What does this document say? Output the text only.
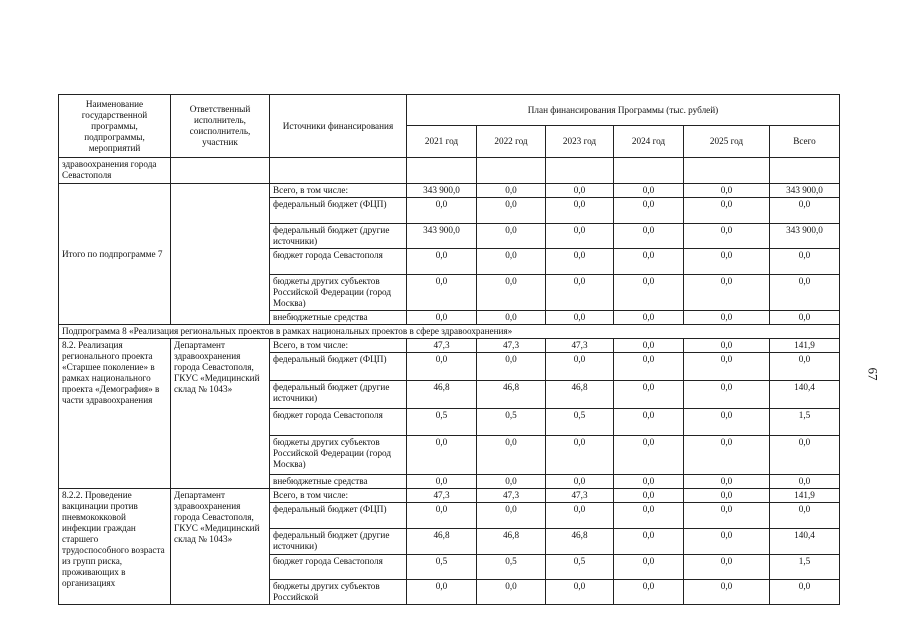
Наименование государственной программы, подпрограммы, мероприятий	Ответственный исполнитель, соисполнитель, участник	Источники финансирования	План финансирования Программы (тыс. рублей)					
			2021 год	2022 год	2023 год	2024 год	2025 год	Всего
здравоохранения города Севастополя								
Итого по подпрограмме 7		Всего, в том числе:	343 900,0	0,0	0,0	0,0	0,0	343 900,0
		федеральный бюджет (ФЦП)	0,0	0,0	0,0	0,0	0,0	0,0
		федеральный бюджет (другие источники)	343 900,0	0,0	0,0	0,0	0,0	343 900,0
		бюджет города Севастополя	0,0	0,0	0,0	0,0	0,0	0,0
		бюджеты других субъектов Российской Федерации (город Москва)	0,0	0,0	0,0	0,0	0,0	0,0
		внебюджетные средства	0,0	0,0	0,0	0,0	0,0	0,0
Подпрограмма 8 «Реализация региональных проектов в рамках национальных проектов в сфере здравоохранения»								
8.2. Реализация регионального проекта «Старшее поколение» в рамках национального проекта «Демография» в части здравоохранения	Департамент здравоохранения города Севастополя, ГКУС «Медицинский склад № 1043»	Всего, в том числе:	47,3	47,3	47,3	0,0	0,0	141,9
		федеральный бюджет (ФЦП)	0,0	0,0	0,0	0,0	0,0	0,0
		федеральный бюджет (другие источники)	46,8	46,8	46,8	0,0	0,0	140,4
		бюджет города Севастополя	0,5	0,5	0,5	0,0	0,0	1,5
		бюджеты других субъектов Российской Федерации (город Москва)	0,0	0,0	0,0	0,0	0,0	0,0
		внебюджетные средства	0,0	0,0	0,0	0,0	0,0	0,0
8.2.2. Проведение вакцинации против пневмококковой инфекции граждан старшего трудоспособного возраста из групп риска, проживающих в организациях	Департамент здравоохранения города Севастополя, ГКУС «Медицинский склад № 1043»	Всего, в том числе:	47,3	47,3	47,3	0,0	0,0	141,9
		федеральный бюджет (ФЦП)	0,0	0,0	0,0	0,0	0,0	0,0
		федеральный бюджет (другие источники)	46,8	46,8	46,8	0,0	0,0	140,4
		бюджет города Севастополя	0,5	0,5	0,5	0,0	0,0	1,5
		бюджеты других субъектов Российской	0,0	0,0	0,0	0,0	0,0	0,0
67
